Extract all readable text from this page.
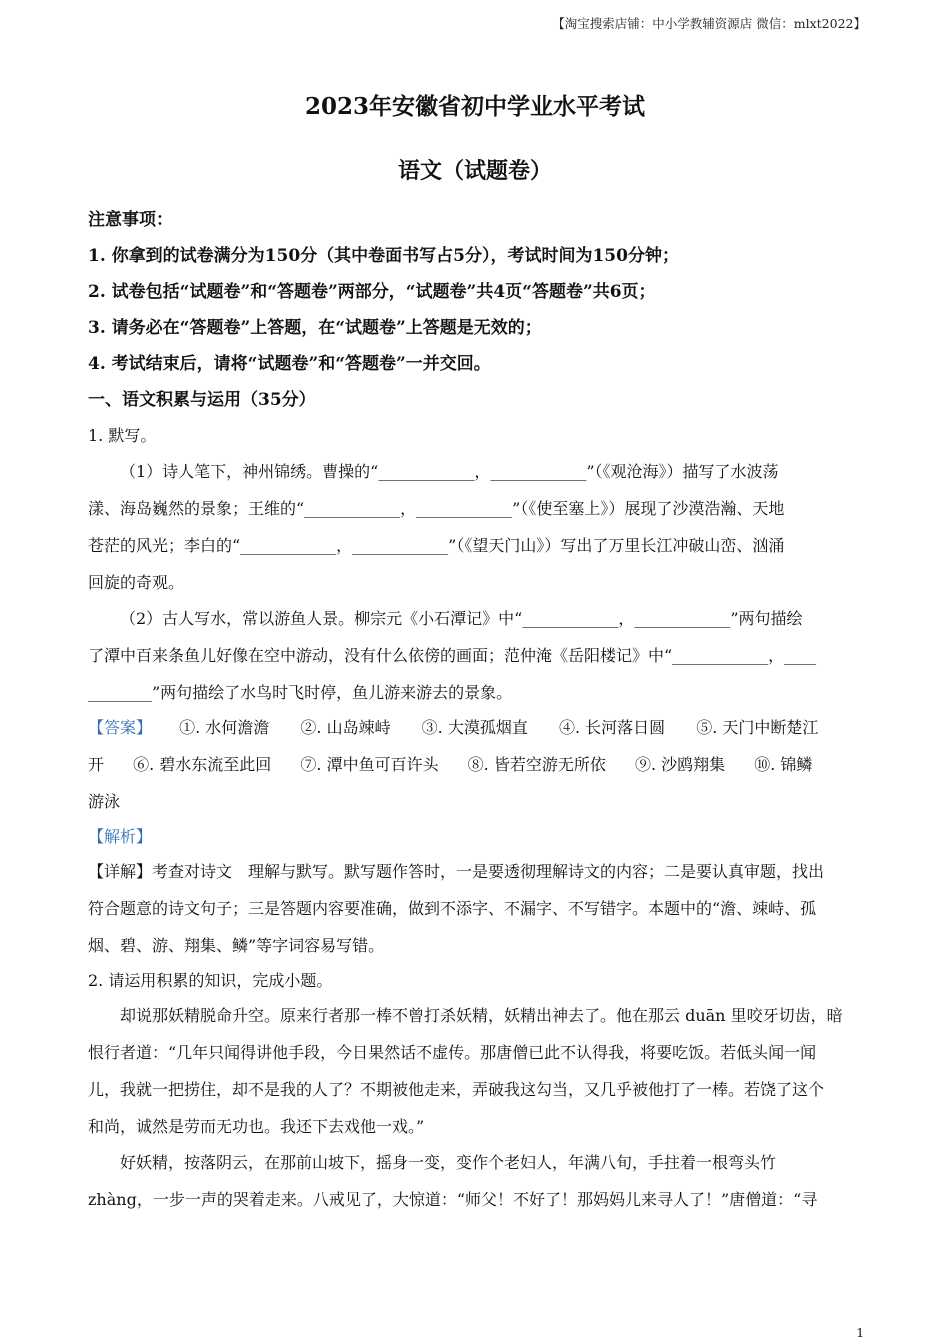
【淘宝搜索店铺：中小学教辅资源店 微信：mlxt2022】
2023年安徽省初中学业水平考试
语文（试题卷）
注意事项：
1. 你拿到的试卷满分为150分（其中卷面书写占5分），考试时间为150分钟；
2. 试卷包括“试题卷”和“答题卷”两部分，“试题卷”共4页“答题卷”共6页；
3. 请务必在“答题卷”上答题，在“试题卷”上答题是无效的；
4. 考试结束后，请将“试题卷”和“答题卷”一并交回。
一、语文积累与运用（35分）
1. 默写。
（1）诗人笔下，神州锦绣。曹操的“____________，____________”（《观沧海》）描写了水波荡
漾、海岛巍然的景象；王维的“____________，____________”（《使至塞上》）展现了沙漠浩瀚、天地
苍茫的风光；李白的“____________，____________”（《望天门山》）写出了万里长江冲破山峦、汹涌
回旋的奇观。
（2）古人写水，常以游鱼人景。柳宗元《小石潭记》中“____________，____________”两句描绘
了潭中百来条鱼儿好像在空中游动，没有什么依傍的画面；范仲淹《岳阳楼记》中“____________，____
________”两句描绘了水鸟时飞时停，鱼儿游来游去的景象。
【答案】 ①. 水何澹澹 ②. 山岛竦峙 ③. 大漠孤烟直 ④. 长河落日圆 ⑤. 天门中断楚江
开 ⑥. 碧水东流至此回 ⑦. 潭中鱼可百许头 ⑧. 皆若空游无所依 ⑨. 沙鸥翔集 ⑩. 锦鳞
游泳
【解析】
【详解】考查对诗文　理解与默写。默写题作答时，一是要透彻理解诗文的内容；二是要认真审题，找出
符合题意的诗文句子；三是答题内容要准确，做到不添字、不漏字、不写错字。本题中的“澹、竦峙、孤
烟、碧、游、翔集、鳞”等字词容易写错。
2. 请运用积累的知识，完成小题。
却说那妖精脱命升空。原来行者那一棒不曾打杀妖精，妖精出神去了。他在那云 duān 里咬牙切齿，暗
恨行者道：“几年只闻得讲他手段，今日果然话不虚传。那唐僧已此不认得我，将要吃饭。若低头闻一闻
儿，我就一把捞住，却不是我的人了？不期被他走来，弄破我这勾当，又几乎被他打了一棒。若饶了这个
和尚，诚然是劳而无功也。我还下去戏他一戏。”
好妖精，按落阴云，在那前山坡下，摇身一变，变作个老妇人，年满八旬，手拄着一根弯头竹
zhàng，一步一声的哭着走来。八戒见了，大惊道：“师父！不好了！那妈妈儿来寻人了！”唐僧道：“寻
1
